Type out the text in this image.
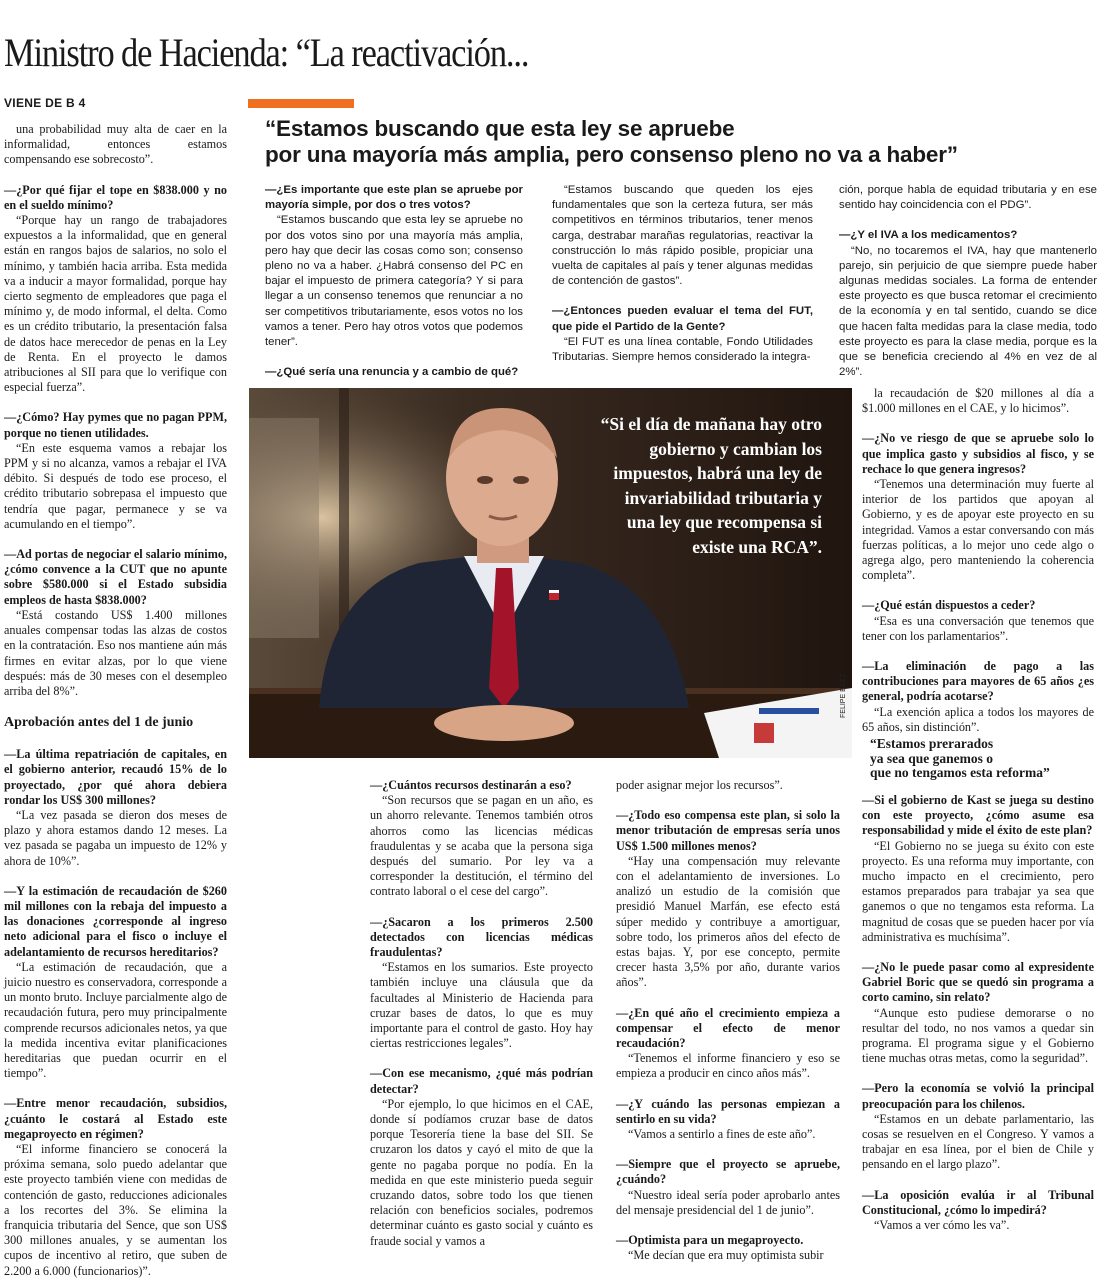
Ministro de Hacienda: “La reactivación...
VIENE DE B 4
“Estamos buscando que esta ley se apruebe
por una mayoría más amplia, pero consenso pleno no va a haber”

una probabilidad muy alta de caer en la informalidad, entonces estamos compensando ese sobrecosto”.

—¿Por qué fijar el tope en $838.000 y no en el sueldo mínimo?

“Porque hay un rango de trabajadores expuestos a la informalidad, que en general están en rangos bajos de salarios, no solo el mínimo, y también hacia arriba. Esta medida va a inducir a mayor formalidad, porque hay cierto segmento de empleadores que paga el mínimo y, de modo informal, el delta. Como es un crédito tributario, la presentación falsa de datos hace merecedor de penas en la Ley de Renta. En el proyecto le damos atribuciones al SII para que lo verifique con especial fuerza”.

—¿Cómo? Hay pymes que no pagan PPM, porque no tienen utilidades.

“En este esquema vamos a rebajar los PPM y si no alcanza, vamos a rebajar el IVA débito. Si después de todo ese proceso, el crédito tributario sobrepasa el impuesto que tendría que pagar, permanece y se va acumulando en el tiempo”.

—Ad portas de negociar el salario mínimo, ¿cómo convence a la CUT que no apunte sobre $580.000 si el Estado subsidia empleos de hasta $838.000?

“Está costando US$ 1.400 millones anuales compensar todas las alzas de costos en la contratación. Eso nos mantiene aún más firmes en evitar alzas, por lo que viene después: más de 30 meses con el desempleo arriba del 8%”.

Aprobación antes del 1 de junio

—La última repatriación de capitales, en el gobierno anterior, recaudó 15% de lo proyectado, ¿por qué ahora debiera rondar los US$ 300 millones?

“La vez pasada se dieron dos meses de plazo y ahora estamos dando 12 meses. La vez pasada se pagaba un impuesto de 12% y ahora de 10%”.

—Y la estimación de recaudación de $260 mil millones con la rebaja del impuesto a las donaciones ¿corresponde al ingreso neto adicional para el fisco o incluye el adelantamiento de recursos hereditarios?

“La estimación de recaudación, que a juicio nuestro es conservadora, corresponde a un monto bruto. Incluye parcialmente algo de recaudación futura, pero muy principalmente comprende recursos adicionales netos, ya que la medida incentiva evitar planificaciones hereditarias que puedan ocurrir en el tiempo”.

—Entre menor recaudación, subsidios, ¿cuánto le costará al Estado este megaproyecto en régimen?

“El informe financiero se conocerá la próxima semana, solo puedo adelantar que este proyecto también viene con medidas de contención de gasto, reducciones adicionales a los recortes del 3%. Se elimina la franquicia tributaria del Sence, que son US$ 300 millones anuales, y se aumentan los cupos de incentivo al retiro, que suben de 2.200 a 6.000 (funcionarios)”.

—¿Es importante que este plan se apruebe por mayoría simple, por dos o tres votos?

“Estamos buscando que esta ley se apruebe no por dos votos sino por una mayoría más amplia, pero hay que decir las cosas como son; consenso pleno no va a haber. ¿Habrá consenso del PC en bajar el impuesto de primera categoría? Y si para llegar a un consenso tenemos que renunciar a no ser competitivos tributariamente, esos votos no los vamos a tener. Pero hay otros votos que podemos tener”.

—¿Qué sería una renuncia y a cambio de qué?

“Estamos buscando que queden los ejes fundamentales que son la certeza futura, ser más competitivos en términos tributarios, tener menos carga, destrabar marañas regulatorias, reactivar la construcción lo más rápido posible, propiciar una vuelta de capitales al país y tener algunas medidas de contención de gastos”.

—¿Entonces pueden evaluar el tema del FUT, que pide el Partido de la Gente?

“El FUT es una línea contable, Fondo Utilidades Tributarias. Siempre hemos considerado la integra-

ción, porque habla de equidad tributaria y en ese sentido hay coincidencia con el PDG”.

—¿Y el IVA a los medicamentos?

“No, no tocaremos el IVA, hay que mantenerlo parejo, sin perjuicio de que siempre puede haber algunas medidas sociales. La forma de entender este proyecto es que busca retomar el crecimiento de la economía y en tal sentido, cuando se dice que hacen falta medidas para la clase media, todo este proyecto es para la clase media, porque es la que se beneficia creciendo al 4% en vez de al 2%”.

la recaudación de $20 millones al día a $1.000 millones en el CAE, y lo hicimos”.

—¿No ve riesgo de que se apruebe solo lo que implica gasto y subsidios al fisco, y se rechace lo que genera ingresos?

“Tenemos una determinación muy fuerte al interior de los partidos que apoyan al Gobierno, y es de apoyar este proyecto en su integridad. Vamos a estar conversando con más fuerzas políticas, a lo mejor uno cede algo o agrega algo, pero manteniendo la coherencia completa”.

—¿Qué están dispuestos a ceder?

“Esa es una conversación que tenemos que tener con los parlamentarios”.

—La eliminación de pago a las contribuciones para mayores de 65 años ¿es general, podría acotarse?

“La exención aplica a todos los mayores de 65 años, sin distinción”.

—¿Cuántos recursos destinarán a eso?

“Son recursos que se pagan en un año, es un ahorro relevante. Tenemos también otros ahorros como las licencias médicas fraudulentas y se acaba que la persona siga después del sumario. Por ley va a corresponder la destitución, el término del contrato laboral o el cese del cargo”.

—¿Sacaron a los primeros 2.500 detectados con licencias médicas fraudulentas?

“Estamos en los sumarios. Este proyecto también incluye una cláusula que da facultades al Ministerio de Hacienda para cruzar bases de datos, lo que es muy importante para el control de gasto. Hoy hay ciertas restricciones legales”.

—Con ese mecanismo, ¿qué más podrían detectar?

“Por ejemplo, lo que hicimos en el CAE, donde sí podíamos cruzar base de datos porque Tesorería tiene la base del SII. Se cruzaron los datos y cayó el mito de que la gente no pagaba porque no podía. En la medida en que este ministerio pueda seguir cruzando datos, sobre todo los que tienen relación con beneficios sociales, podremos determinar cuánto es gasto social y cuánto es fraude social y vamos a

poder asignar mejor los recursos”.

—¿Todo eso compensa este plan, si solo la menor tributación de empresas sería unos US$ 1.500 millones menos?

“Hay una compensación muy relevante con el adelantamiento de inversiones. Lo analizó un estudio de la comisión que presidió Manuel Marfán, ese efecto está súper medido y contribuye a amortiguar, sobre todo, los primeros años del efecto de estas bajas. Y, por ese concepto, permite crecer hasta 3,5% por año, durante varios años”.

—¿En qué año el crecimiento empieza a compensar el efecto de menor recaudación?

“Tenemos el informe financiero y eso se empieza a producir en cinco años más”.

—¿Y cuándo las personas empiezan a sentirlo en su vida?

“Vamos a sentirlo a fines de este año”.

—Siempre que el proyecto se apruebe, ¿cuándo?

“Nuestro ideal sería poder aprobarlo antes del mensaje presidencial del 1 de junio”.

—Optimista para un megaproyecto.

“Me decían que era muy optimista subir

—Si el gobierno de Kast se juega su destino con este proyecto, ¿cómo asume esa responsabilidad y mide el éxito de este plan?

“El Gobierno no se juega su éxito con este proyecto. Es una reforma muy importante, con mucho impacto en el crecimiento, pero estamos preparados para trabajar ya sea que ganemos o que no tengamos esta reforma. La magnitud de cosas que se pueden hacer por vía administrativa es muchísima”.

—¿No le puede pasar como al expresidente Gabriel Boric que se quedó sin programa a corto camino, sin relato?

“Aunque esto pudiese demorarse o no resultar del todo, no nos vamos a quedar sin programa. El programa sigue y el Gobierno tiene muchas otras metas, como la seguridad”.

—Pero la economía se volvió la principal preocupación para los chilenos.

“Estamos en un debate parlamentario, las cosas se resuelven en el Congreso. Y vamos a trabajar en esa línea, por el bien de Chile y pensando en el largo plazo”.

—La oposición evalúa ir al Tribunal Constitucional, ¿cómo lo impedirá?

“Vamos a ver cómo les va”.

“Si el día de mañana hay otro gobierno y cambian los impuestos, habrá una ley de invariabilidad tributaria y una ley que recompensa si existe una RCA”.
FELIPE BAEZ
“Estamos prerarados
ya sea que ganemos o
que no tengamos esta reforma”
